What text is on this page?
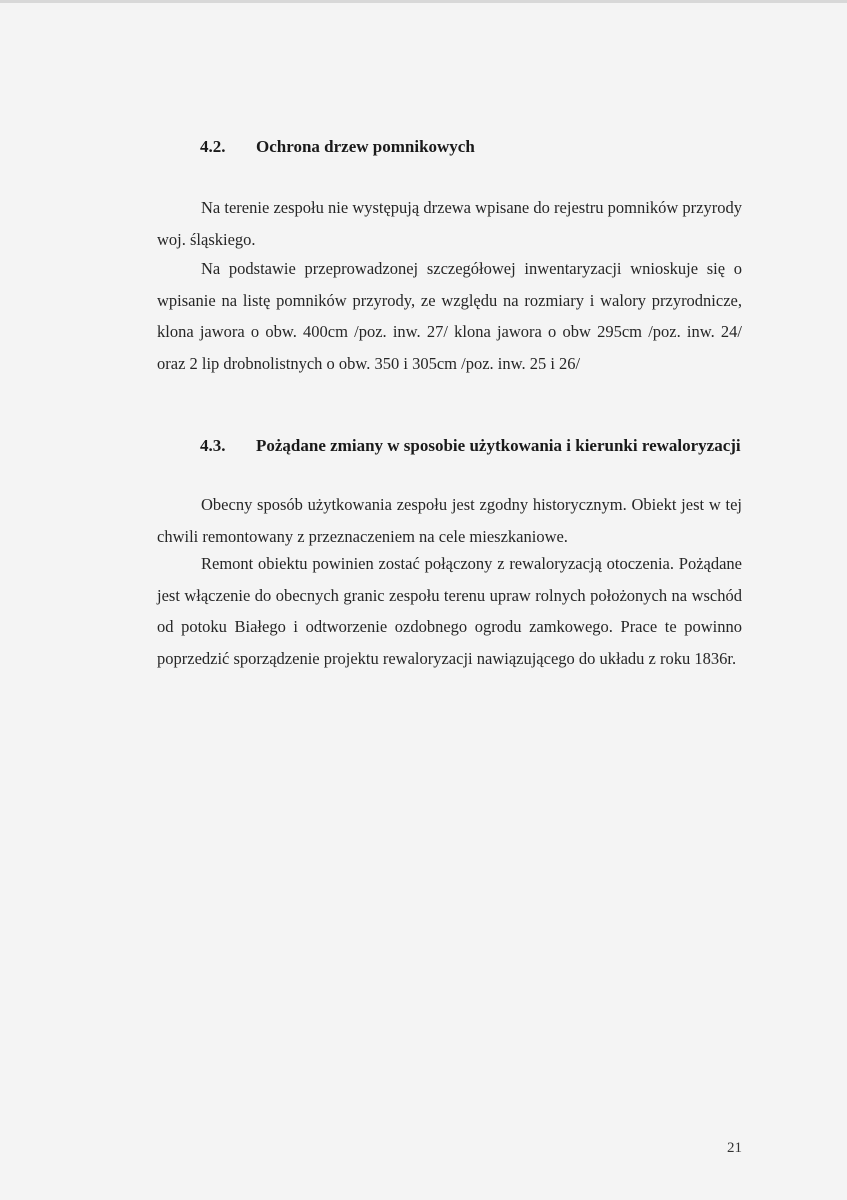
4.2. Ochrona drzew pomnikowych

Na terenie zespołu nie występują drzewa wpisane do rejestru pomników przyrody woj. śląskiego.

Na podstawie przeprowadzonej szczegółowej inwentaryzacji wnioskuje się o wpisanie na listę pomników przyrody, ze względu na rozmiary i walory przyrodnicze, klona jawora o obw. 400cm /poz. inw. 27/ klona jawora o obw 295cm /poz. inw. 24/ oraz 2 lip drobnolistnych o obw. 350 i 305cm /poz. inw. 25 i 26/

4.3. Pożądane zmiany w sposobie użytkowania i kierunki rewaloryzacji

Obecny sposób użytkowania zespołu jest zgodny historycznym. Obiekt jest w tej chwili remontowany z przeznaczeniem na cele mieszkaniowe.

Remont obiektu powinien zostać połączony z rewaloryzacją otoczenia. Pożądane jest włączenie do obecnych granic zespołu terenu upraw rolnych położonych na wschód od potoku Białego i odtworzenie ozdobnego ogrodu zamkowego. Prace te powinno poprzedzić sporządzenie projektu rewaloryzacji nawiązującego do układu z roku 1836r.

21
